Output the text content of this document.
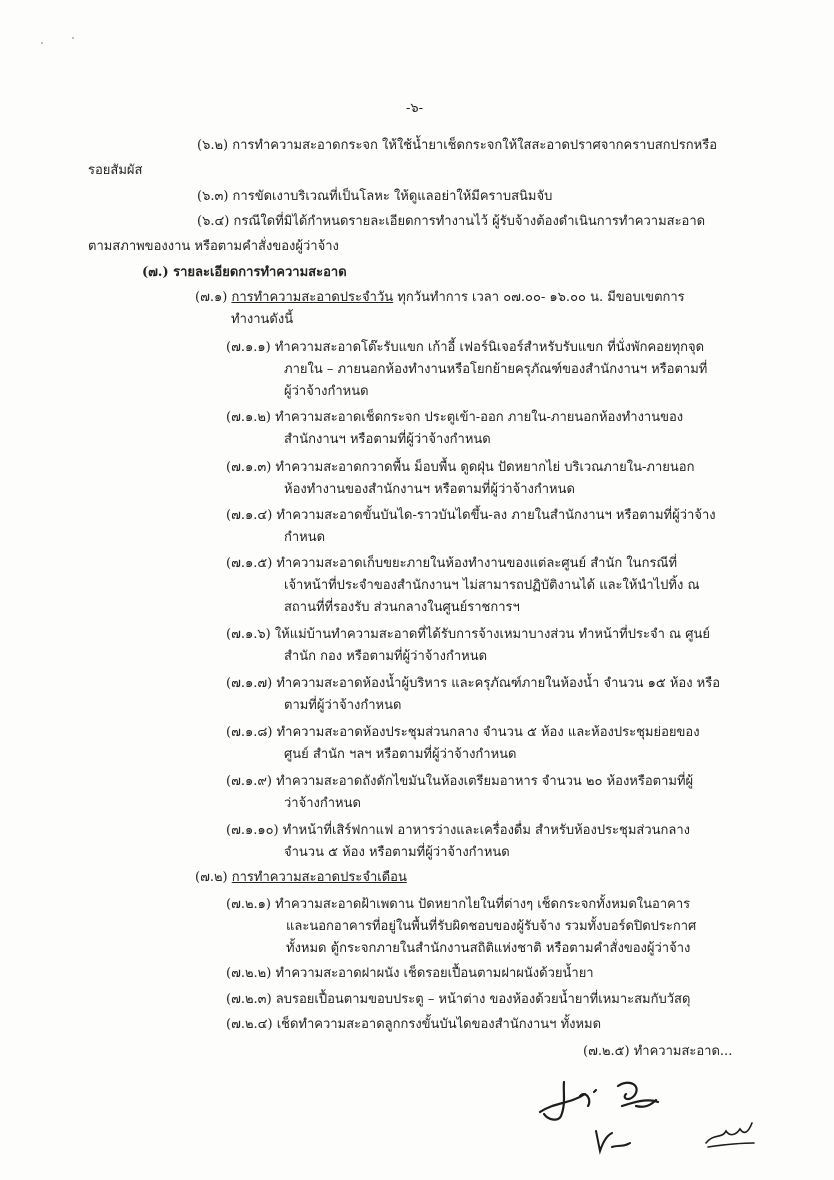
-๖-
(๖.๒) การทำความสะอาดกระจก ให้ใช้น้ำยาเช็ดกระจกให้ใสสะอาดปราศจากคราบสกปรกหรือ
รอยสัมผัส
(๖.๓) การขัดเงาบริเวณที่เป็นโลหะ ให้ดูแลอย่าให้มีคราบสนิมจับ
(๖.๔) กรณีใดที่มิได้กำหนดรายละเอียดการทำงานไว้ ผู้รับจ้างต้องดำเนินการทำความสะอาด
ตามสภาพของงาน หรือตามคำสั่งของผู้ว่าจ้าง
(๗.) รายละเอียดการทำความสะอาด
(๗.๑) การทำความสะอาดประจำวัน ทุกวันทำการ เวลา ๐๗.๐๐- ๑๖.๐๐ น. มีขอบเขตการ
ทำงานดังนี้
(๗.๑.๑) ทำความสะอาดโต๊ะรับแขก เก้าอี้ เฟอร์นิเจอร์สำหรับรับแขก ที่นั่งพักคอยทุกจุด
ภายใน – ภายนอกห้องทำงานหรือโยกย้ายครุภัณฑ์ของสำนักงานฯ หรือตามที่
ผู้ว่าจ้างกำหนด
(๗.๑.๒) ทำความสะอาดเช็ดกระจก ประตูเข้า-ออก ภายใน-ภายนอกห้องทำงานของ
สำนักงานฯ หรือตามที่ผู้ว่าจ้างกำหนด
(๗.๑.๓) ทำความสะอาดกวาดพื้น ม็อบพื้น ดูดฝุ่น ปัดหยากไย่ บริเวณภายใน-ภายนอก
ห้องทำงานของสำนักงานฯ หรือตามที่ผู้ว่าจ้างกำหนด
(๗.๑.๔) ทำความสะอาดขั้นบันได-ราวบันไดขึ้น-ลง ภายในสำนักงานฯ หรือตามที่ผู้ว่าจ้าง
กำหนด
(๗.๑.๕) ทำความสะอาดเก็บขยะภายในห้องทำงานของแต่ละศูนย์ สำนัก ในกรณีที่
เจ้าหน้าที่ประจำของสำนักงานฯ ไม่สามารถปฏิบัติงานได้ และให้นำไปทิ้ง ณ
สถานที่ที่รองรับ ส่วนกลางในศูนย์ราชการฯ
(๗.๑.๖) ให้แม่บ้านทำความสะอาดที่ได้รับการจ้างเหมาบางส่วน ทำหน้าที่ประจำ ณ ศูนย์
สำนัก กอง หรือตามที่ผู้ว่าจ้างกำหนด
(๗.๑.๗) ทำความสะอาดห้องน้ำผู้บริหาร และครุภัณฑ์ภายในห้องน้ำ จำนวน ๑๕ ห้อง หรือ
ตามที่ผู้ว่าจ้างกำหนด
(๗.๑.๘) ทำความสะอาดห้องประชุมส่วนกลาง จำนวน ๕ ห้อง และห้องประชุมย่อยของ
ศูนย์ สำนัก ฯลฯ หรือตามที่ผู้ว่าจ้างกำหนด
(๗.๑.๙) ทำความสะอาดถังดักไขมันในห้องเตรียมอาหาร จำนวน ๒๐ ห้องหรือตามที่ผู้
ว่าจ้างกำหนด
(๗.๑.๑๐) ทำหน้าที่เสิร์ฟกาแฟ อาหารว่างและเครื่องดื่ม สำหรับห้องประชุมส่วนกลาง
จำนวน ๕ ห้อง หรือตามที่ผู้ว่าจ้างกำหนด
(๗.๒) การทำความสะอาดประจำเดือน
(๗.๒.๑) ทำความสะอาดฝ้าเพดาน ปัดหยากไยในที่ต่างๆ เช็ดกระจกทั้งหมดในอาคาร
และนอกอาคารที่อยู่ในพื้นที่รับผิดชอบของผู้รับจ้าง รวมทั้งบอร์ดปิดประกาศ
ทั้งหมด ตู้กระจกภายในสำนักงานสถิติแห่งชาติ หรือตามคำสั่งของผู้ว่าจ้าง
(๗.๒.๒) ทำความสะอาดฝาผนัง เช็ดรอยเปื้อนตามฝาผนังด้วยน้ำยา
(๗.๒.๓) ลบรอยเปื้อนตามขอบประตู – หน้าต่าง ของห้องด้วยน้ำยาที่เหมาะสมกับวัสดุ
(๗.๒.๔) เช็ดทำความสะอาดลูกกรงขั้นบันไดของสำนักงานฯ ทั้งหมด
(๗.๒.๕) ทำความสะอาด...
